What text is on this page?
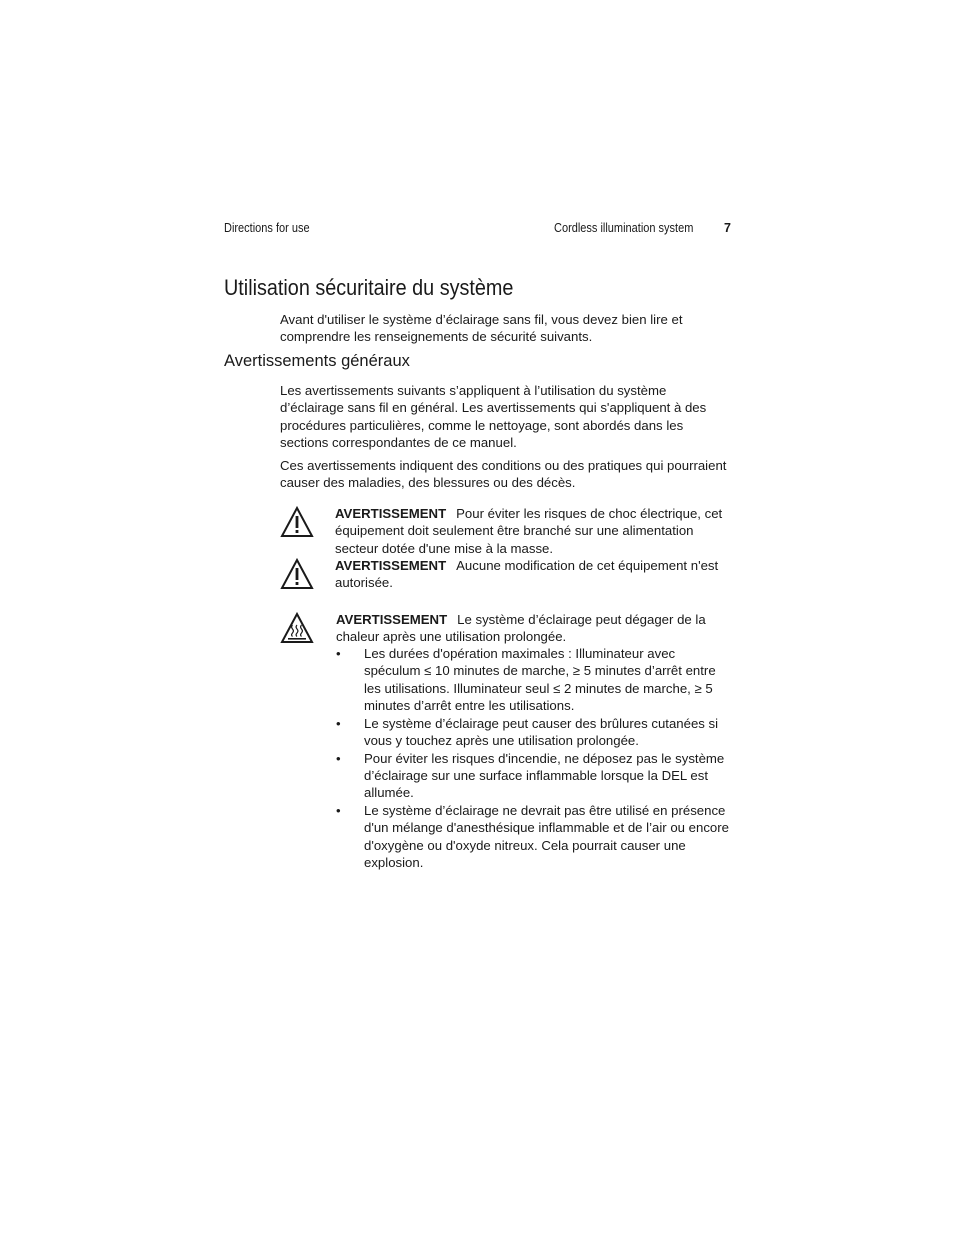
Directions for use	Cordless illumination system 7
Utilisation sécuritaire du système

Avant d'utiliser le système d’éclairage sans fil, vous devez bien lire et comprendre les renseignements de sécurité suivants.

Avertissements généraux

Les avertissements suivants s’appliquent à l’utilisation du système d’éclairage sans fil en général. Les avertissements qui s'appliquent à des procédures particulières, comme le nettoyage, sont abordés dans les sections correspondantes de ce manuel.

Ces avertissements indiquent des conditions ou des pratiques qui pourraient causer des maladies, des blessures ou des décès.

AVERTISSEMENT Pour éviter les risques de choc électrique, cet équipement doit seulement être branché sur une alimentation secteur dotée d'une mise à la masse.

AVERTISSEMENT Aucune modification de cet équipement n'est autorisée.

AVERTISSEMENT Le système d’éclairage peut dégager de la chaleur après une utilisation prolongée.

• Les durées d'opération maximales : Illuminateur avec spéculum ≤ 10 minutes de marche, ≥ 5 minutes d’arrêt entre les utilisations. Illuminateur seul ≤ 2 minutes de marche, ≥ 5 minutes d’arrêt entre les utilisations.
• Le système d’éclairage peut causer des brûlures cutanées si vous y touchez après une utilisation prolongée.
• Pour éviter les risques d'incendie, ne déposez pas le système d’éclairage sur une surface inflammable lorsque la DEL est allumée.
• Le système d’éclairage ne devrait pas être utilisé en présence d'un mélange d'anesthésique inflammable et de l’air ou encore d'oxygène ou d'oxyde nitreux. Cela pourrait causer une explosion.
